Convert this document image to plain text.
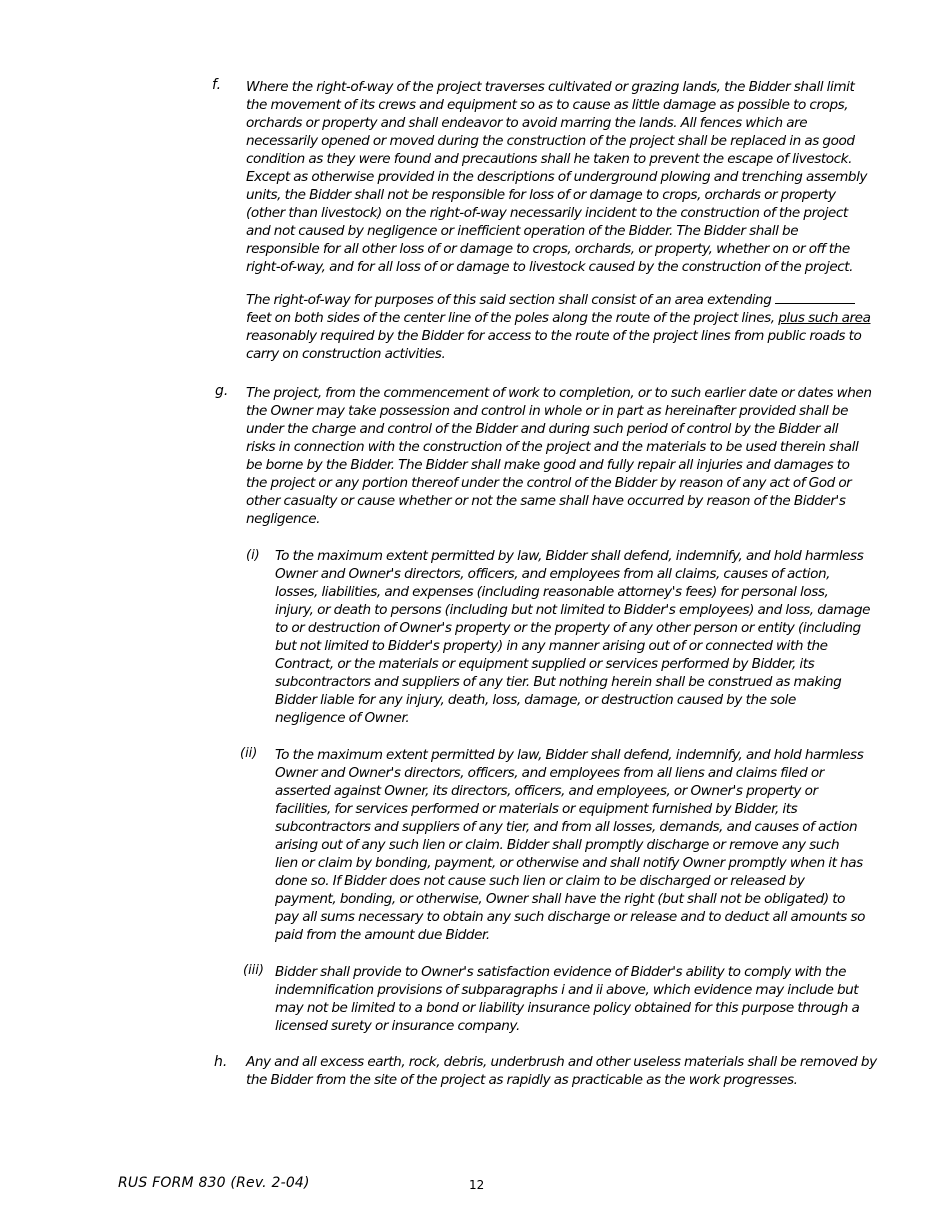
f. Where the right-of-way of the project traverses cultivated or grazing lands, the Bidder shall limit
the movement of its crews and equipment so as to cause as little damage as possible to crops,
orchards or property and shall endeavor to avoid marring the lands. All fences which are
necessarily opened or moved during the construction of the project shall be replaced in as good
condition as they were found and precautions shall he taken to prevent the escape of livestock.
Except as otherwise provided in the descriptions of underground plowing and trenching assembly
units, the Bidder shall not be responsible for loss of or damage to crops, orchards or property
(other than livestock) on the right-of-way necessarily incident to the construction of the project
and not caused by negligence or inefficient operation of the Bidder. The Bidder shall be
responsible for all other loss of or damage to crops, orchards, or property, whether on or off the
right-of-way, and for all loss of or damage to livestock caused by the construction of the project.
The right-of-way for purposes of this said section shall consist of an area extending
feet on both sides of the center line of the poles along the route of the project lines, plus such area
reasonably required by the Bidder for access to the route of the project lines from public roads to
carry on construction activities.
g. The project, from the commencement of work to completion, or to such earlier date or dates when
the Owner may take possession and control in whole or in part as hereinafter provided shall be
under the charge and control of the Bidder and during such period of control by the Bidder all
risks in connection with the construction of the project and the materials to be used therein shall
be borne by the Bidder. The Bidder shall make good and fully repair all injuries and damages to
the project or any portion thereof under the control of the Bidder by reason of any act of God or
other casualty or cause whether or not the same shall have occurred by reason of the Bidder's
negligence.
(i) To the maximum extent permitted by law, Bidder shall defend, indemnify, and hold harmless
Owner and Owner's directors, officers, and employees from all claims, causes of action,
losses, liabilities, and expenses (including reasonable attorney's fees) for personal loss,
injury, or death to persons (including but not limited to Bidder's employees) and loss, damage
to or destruction of Owner's property or the property of any other person or entity (including
but not limited to Bidder's property) in any manner arising out of or connected with the
Contract, or the materials or equipment supplied or services performed by Bidder, its
subcontractors and suppliers of any tier. But nothing herein shall be construed as making
Bidder liable for any injury, death, loss, damage, or destruction caused by the sole
negligence of Owner.
(ii) To the maximum extent permitted by law, Bidder shall defend, indemnify, and hold harmless
Owner and Owner's directors, officers, and employees from all liens and claims filed or
asserted against Owner, its directors, officers, and employees, or Owner's property or
facilities, for services performed or materials or equipment furnished by Bidder, its
subcontractors and suppliers of any tier, and from all losses, demands, and causes of action
arising out of any such lien or claim. Bidder shall promptly discharge or remove any such
lien or claim by bonding, payment, or otherwise and shall notify Owner promptly when it has
done so. If Bidder does not cause such lien or claim to be discharged or released by
payment, bonding, or otherwise, Owner shall have the right (but shall not be obligated) to
pay all sums necessary to obtain any such discharge or release and to deduct all amounts so
paid from the amount due Bidder.
(iii) Bidder shall provide to Owner's satisfaction evidence of Bidder's ability to comply with the
indemnification provisions of subparagraphs i and ii above, which evidence may include but
may not be limited to a bond or liability insurance policy obtained for this purpose through a
licensed surety or insurance company.
h. Any and all excess earth, rock, debris, underbrush and other useless materials shall be removed by
the Bidder from the site of the project as rapidly as practicable as the work progresses.
RUS FORM 830 (Rev. 2-04)	12
